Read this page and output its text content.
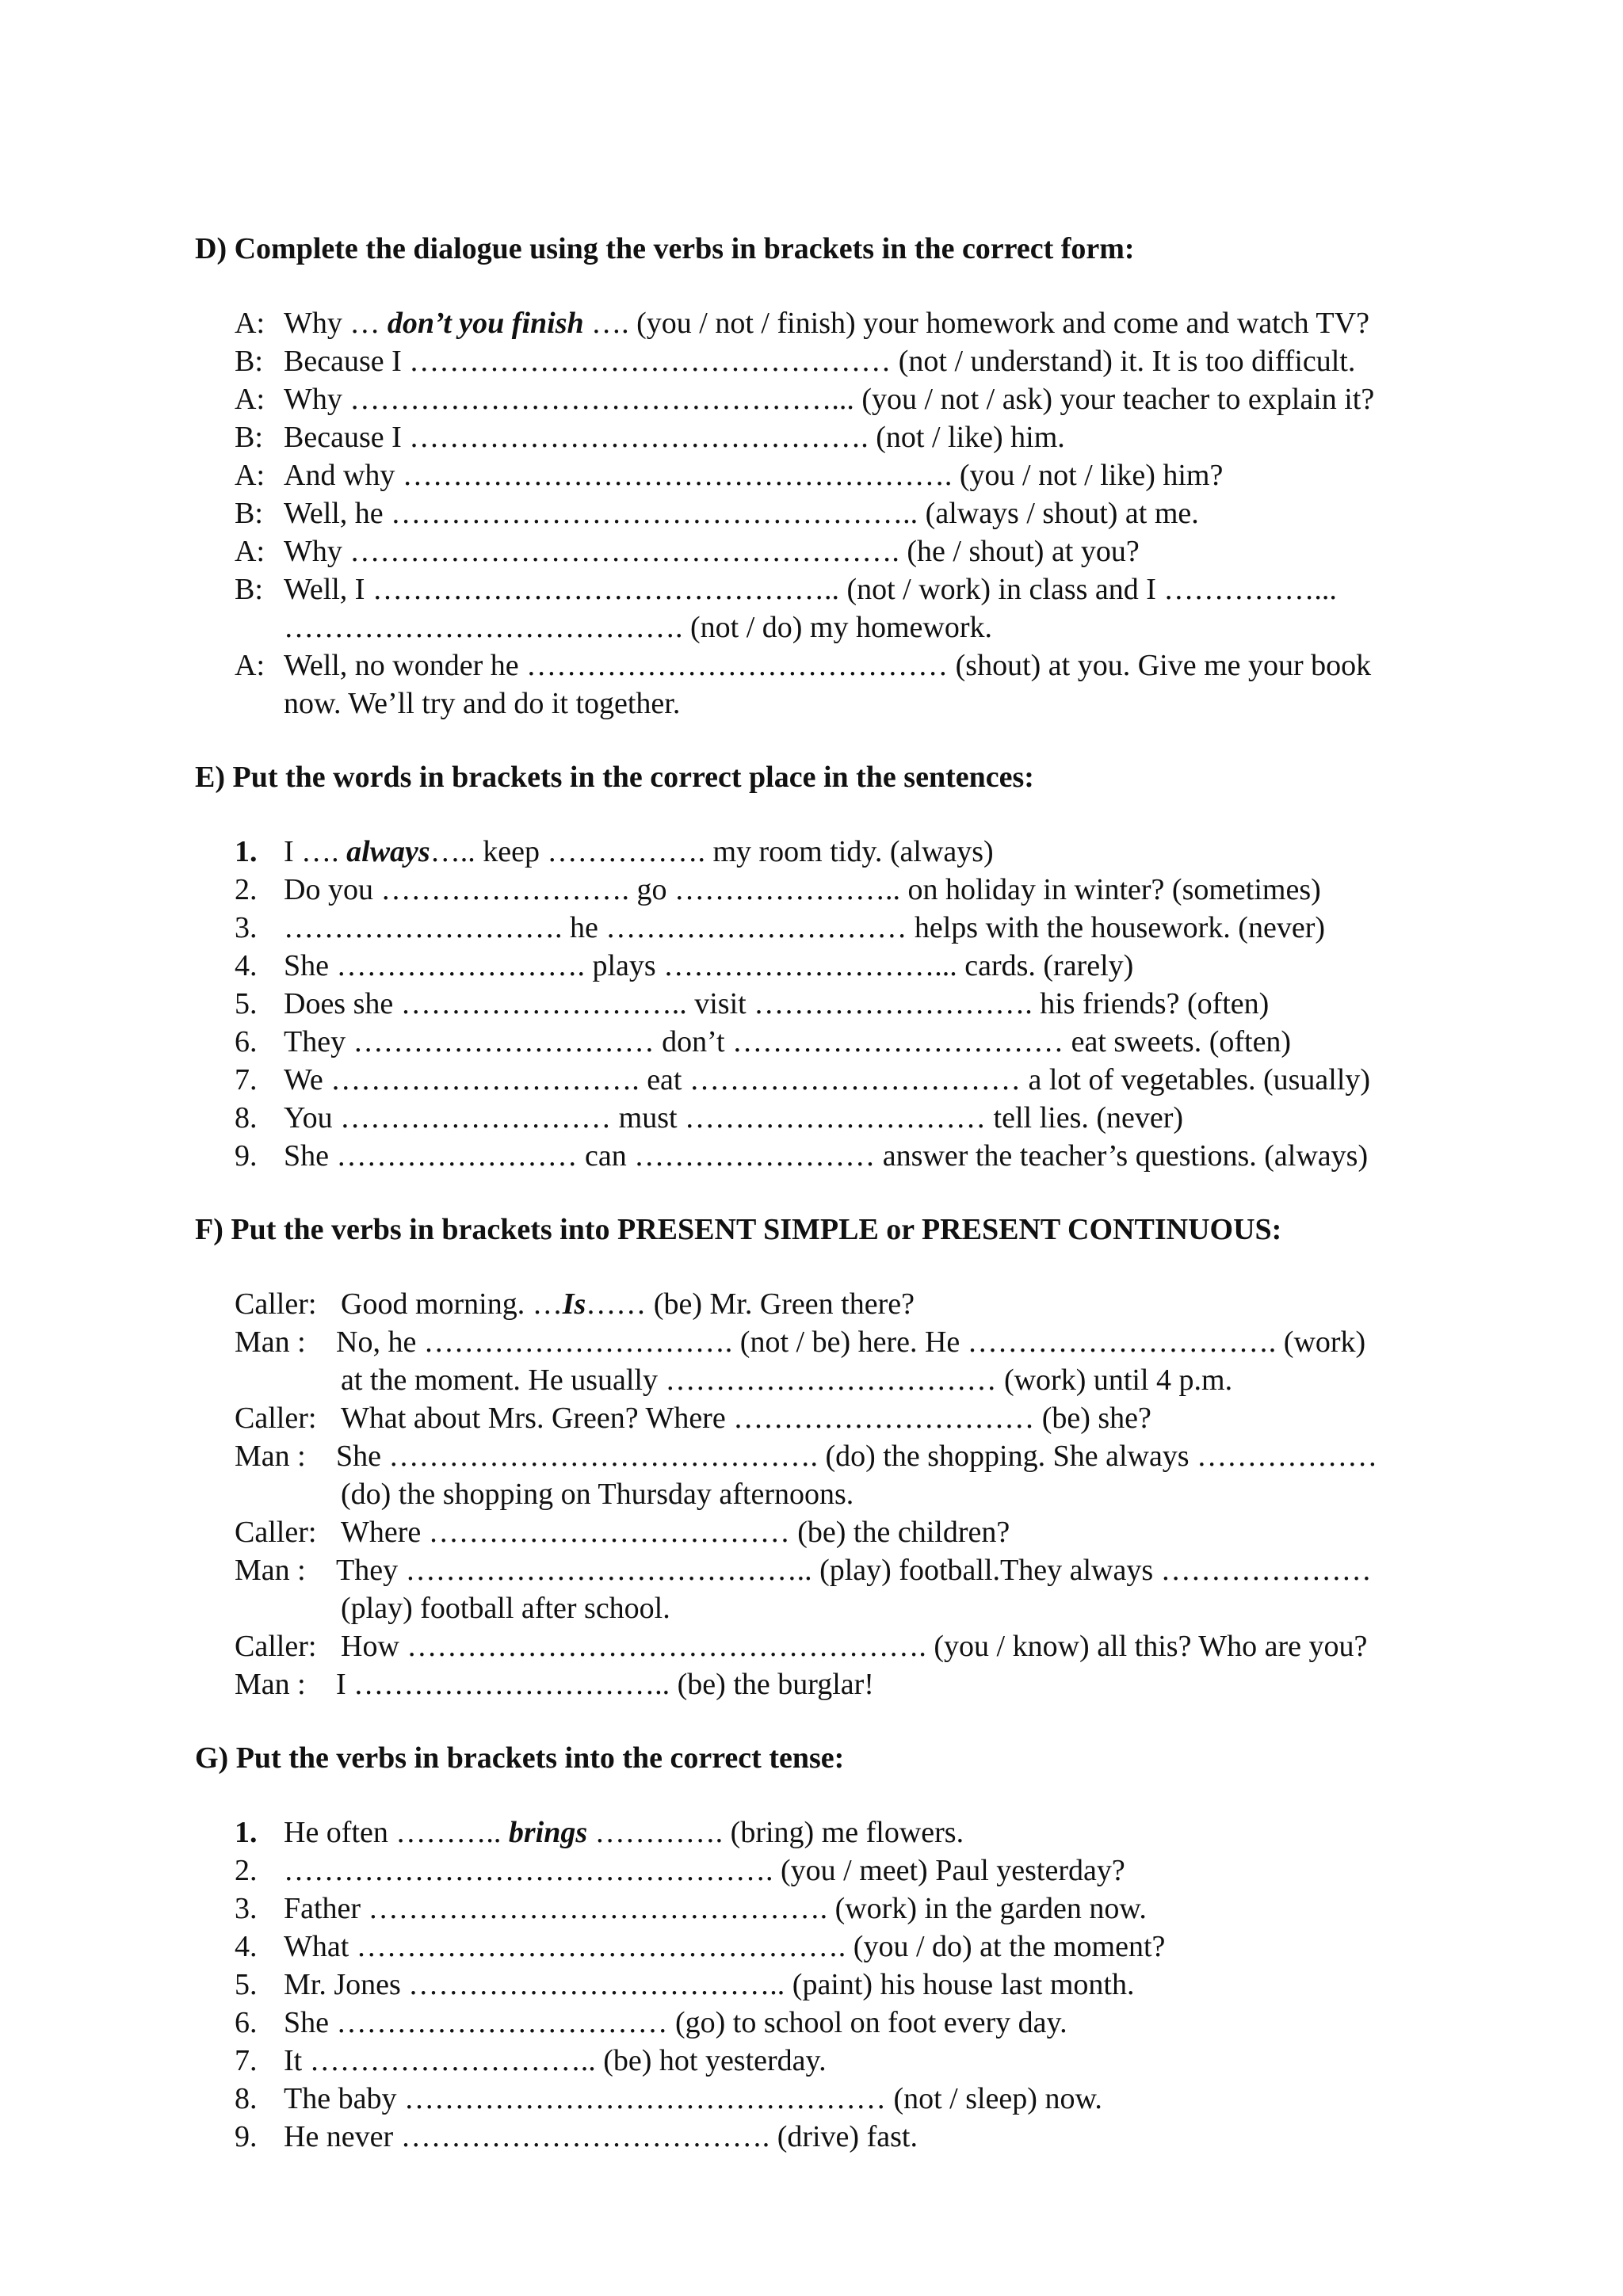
D) Complete the dialogue using the verbs in brackets in the correct form:
A: Why … don’t you finish …. (you / not / finish) your homework and come and watch TV?
B: Because I ………………………………………… (not / understand) it. It is too difficult.
A: Why …………………………………………... (you / not / ask) your teacher to explain it?
B: Because I ………………………………………. (not / like) him.
A: And why ………………………………………………. (you / not / like) him?
B: Well, he …………………………………………….. (always / shout) at me.
A: Why ………………………………………………. (he / shout) at you?
B: Well, I ……………………………………….. (not / work) in class and I ……………...
…………………………………. (not / do) my homework.
A: Well, no wonder he …………………………………… (shout) at you. Give me your book
now. We’ll try and do it together.
E) Put the words in brackets in the correct place in the sentences:
1. I …. always….. keep ……………. my room tidy. (always)
2. Do you ……………………. go ………………….. on holiday in winter? (sometimes)
3. ………………………. he ………………………… helps with the housework. (never)
4. She ……………………. plays ………………………... cards. (rarely)
5. Does she ……………………….. visit ………………………. his friends? (often)
6. They ………………………… don’t …………………………… eat sweets. (often)
7. We …………………………. eat …………………………… a lot of vegetables. (usually)
8. You ……………………… must ………………………… tell lies. (never)
9. She …………………… can …………………… answer the teacher’s questions. (always)
F) Put the verbs in brackets into PRESENT SIMPLE or PRESENT CONTINUOUS:
Caller: Good morning. …Is…… (be) Mr. Green there?
Man : No, he …………………………. (not / be) here. He …………………………. (work)
at the moment. He usually …………………………… (work) until 4 p.m.
Caller: What about Mrs. Green? Where ………………………… (be) she?
Man : She ……………………………………. (do) the shopping. She always ………………
(do) the shopping on Thursday afternoons.
Caller: Where ……………………………… (be) the children?
Man : They ………………………………….. (play) football.They always …………………
(play) football after school.
Caller: How ……………………………………………. (you / know) all this? Who are you?
Man : I ………………………….. (be) the burglar!
G) Put the verbs in brackets into the correct tense:
1. He often ……….. brings …………. (bring) me flowers.
2. …………………………………………. (you / meet) Paul yesterday?
3. Father ………………………………………. (work) in the garden now.
4. What …………………………………………. (you / do) at the moment?
5. Mr. Jones ……………………………….. (paint) his house last month.
6. She …………………………… (go) to school on foot every day.
7. It ……………………….. (be) hot yesterday.
8. The baby ………………………………………… (not / sleep) now.
9. He never ………………………………. (drive) fast.
